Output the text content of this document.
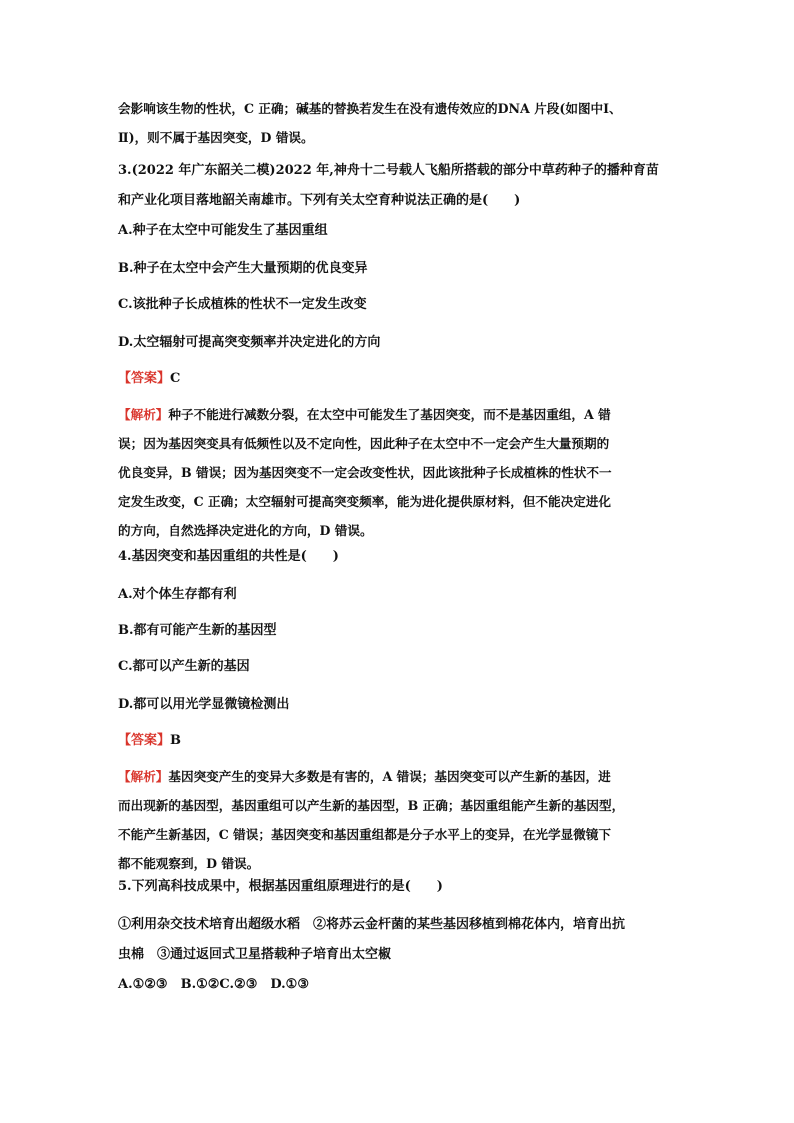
会影响该生物的性状，C 正确；碱基的替换若发生在没有遗传效应的DNA 片段(如图中Ⅰ、
Ⅱ)，则不属于基因突变，D 错误。

3.(2022 年广东韶关二模)2022 年,神舟十二号载人飞船所搭载的部分中草药种子的播种育苗
和产业化项目落地韶关南雄市。下列有关太空育种说法正确的是(　　)

A.种子在太空中可能发生了基因重组

B.种子在太空中会产生大量预期的优良变异

C.该批种子长成植株的性状不一定发生改变

D.太空辐射可提高突变频率并决定进化的方向

【答案】C

【解析】种子不能进行减数分裂，在太空中可能发生了基因突变，而不是基因重组，A 错
误；因为基因突变具有低频性以及不定向性，因此种子在太空中不一定会产生大量预期的
优良变异，B 错误；因为基因突变不一定会改变性状，因此该批种子长成植株的性状不一
定发生改变，C 正确；太空辐射可提高突变频率，能为进化提供原材料，但不能决定进化
的方向，自然选择决定进化的方向，D 错误。

4.基因突变和基因重组的共性是(　　)

A.对个体生存都有利

B.都有可能产生新的基因型

C.都可以产生新的基因

D.都可以用光学显微镜检测出

【答案】B

【解析】基因突变产生的变异大多数是有害的，A 错误；基因突变可以产生新的基因，进
而出现新的基因型，基因重组可以产生新的基因型，B 正确；基因重组能产生新的基因型，
不能产生新基因，C 错误；基因突变和基因重组都是分子水平上的变异，在光学显微镜下
都不能观察到，D 错误。

5.下列高科技成果中，根据基因重组原理进行的是(　　)

①利用杂交技术培育出超级水稻　②将苏云金杆菌的某些基因移植到棉花体内，培育出抗
虫棉　③通过返回式卫星搭载种子培育出太空椒

A.①②③　B.①②C.②③　D.①③
